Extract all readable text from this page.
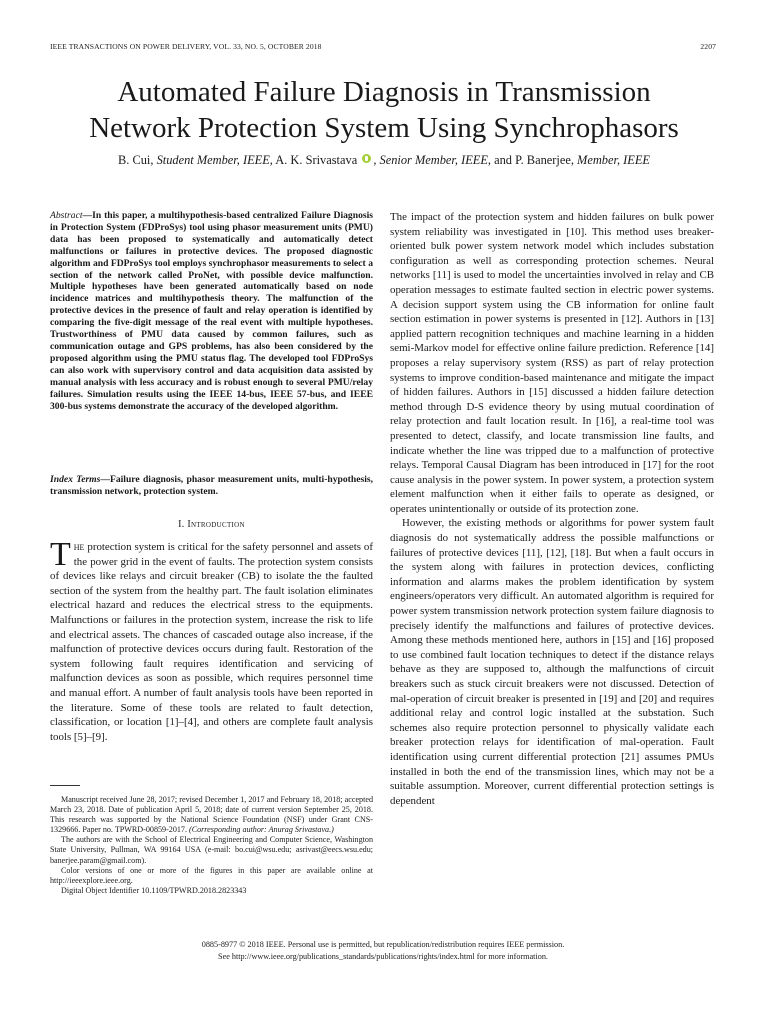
IEEE TRANSACTIONS ON POWER DELIVERY, VOL. 33, NO. 5, OCTOBER 2018	2207
Automated Failure Diagnosis in Transmission
Network Protection System Using Synchrophasors
B. Cui, Student Member, IEEE, A. K. Srivastava , Senior Member, IEEE, and P. Banerjee, Member, IEEE
Abstract—In this paper, a multihypothesis-based centralized Failure Diagnosis in Protection System (FDProSys) tool using phasor measurement units (PMU) data has been proposed to systematically and automatically detect malfunctions or failures in protective devices. The proposed diagnostic algorithm and FDProSys tool employs synchrophasor measurements to select a section of the network called ProNet, with possible device malfunction. Multiple hypotheses have been generated automatically based on node incidence matrices and multihypothesis theory. The malfunction of the protective devices in the presence of fault and relay operation is identified by comparing the five-digit message of the real event with multiple hypotheses. Trustworthiness of PMU data caused by common failures, such as communication outage and GPS problems, has also been considered by the proposed algorithm using the PMU status flag. The developed tool FDProSys can also work with supervisory control and data acquisition data assisted by manual analysis with less accuracy and is robust enough to several PMU/relay failures. Simulation results using the IEEE 14-bus, IEEE 57-bus, and IEEE 300-bus systems demonstrate the accuracy of the developed algorithm.
Index Terms—Failure diagnosis, phasor measurement units, multi-hypothesis, transmission network, protection system.
I. Introduction
The protection system is critical for the safety personnel and assets of the power grid in the event of faults. The protection system consists of devices like relays and circuit breaker (CB) to isolate the the faulted section of the system from the healthy part. The fault isolation eliminates electrical hazard and reduces the electrical stress to the equipments. Malfunctions or failures in the protection system, increase the risk to life and electrical assets. The chances of cascaded outage also increase, if the malfunction of protective devices occurs during fault. Restoration of the system following fault requires identification and servicing of malfunction devices as soon as possible, which requires personnel time and manual effort. A number of fault analysis tools have been reported in the literature. Some of these tools are related to fault detection, classification, or location [1]–[4], and others are complete fault analysis tools [5]–[9].

Manuscript received June 28, 2017; revised December 1, 2017 and February 18, 2018; accepted March 23, 2018. Date of publication April 5, 2018; date of current version September 25, 2018. This research was supported by the National Science Foundation (NSF) under Grant CNS-1329666. Paper no. TPWRD-00859-2017. (Corresponding author: Anurag Srivastava.)

The authors are with the School of Electrical Engineering and Computer Science, Washington State University, Pullman, WA 99164 USA (e-mail: bo.cui@wsu.edu; asrivast@eecs.wsu.edu; banerjee.param@gmail.com).

Color versions of one or more of the figures in this paper are available online at http://ieeexplore.ieee.org.

Digital Object Identifier 10.1109/TPWRD.2018.2823343

The impact of the protection system and hidden failures on bulk power system reliability was investigated in [10]. This method uses breaker-oriented bulk power system network model which includes substation configuration as well as corresponding protection schemes. Neural networks [11] is used to model the uncertainties involved in relay and CB operation messages to estimate faulted section in electric power systems. A decision support system using the CB information for online fault section estimation in power systems is presented in [12]. Authors in [13] applied pattern recognition techniques and machine learning in a hidden semi-Markov model for effective online failure prediction. Reference [14] proposes a relay supervisory system (RSS) as part of relay protection systems to improve condition-based maintenance and mitigate the impact of hidden failures. Authors in [15] discussed a hidden failure detection method through D-S evidence theory by using mutual coordination of relay protection and fault location result. In [16], a real-time tool was presented to detect, classify, and locate transmission line faults, and indicate whether the line was tripped due to a malfunction of protective relays. Temporal Causal Diagram has been introduced in [17] for the root cause analysis in the power system. In power system, a protection system element malfunction when it either fails to operate as designed, or operates unintentionally or outside of its protection zone.

However, the existing methods or algorithms for power system fault diagnosis do not systematically address the possible malfunctions or failures of protective devices [11], [12], [18]. But when a fault occurs in the system along with failures in protection devices, conflicting information and alarms makes the problem identification by system engineers/operators very difficult. An automated algorithm is required for power system transmission network protection system failure diagnosis to precisely identify the malfunctions and failures of protective devices. Among these methods mentioned here, authors in [15] and [16] proposed to use combined fault location techniques to detect if the distance relays behave as they are supposed to, although the malfunctions of circuit breakers such as stuck circuit breakers were not discussed. Detection of mal-operation of circuit breaker is presented in [19] and [20] and requires additional relay and control logic installed at the substation. Such schemes also require protection personnel to physically validate each breaker protection relays for identification of mal-operation. Fault identification using current differential protection [21] assumes PMUs installed in both the end of the transmission lines, which may not be a suitable assumption. Moreover, current differential protection settings is dependent

0885-8977 © 2018 IEEE. Personal use is permitted, but republication/redistribution requires IEEE permission.
See http://www.ieee.org/publications_standards/publications/rights/index.html for more information.
